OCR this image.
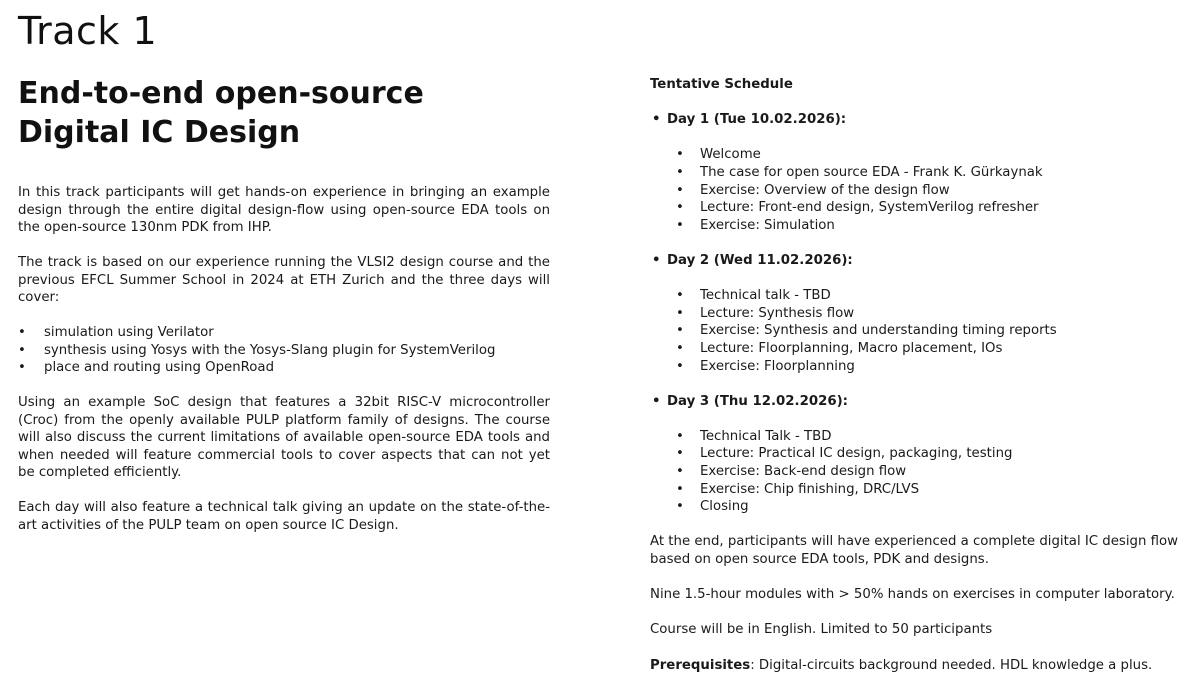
Track 1
End-to-end open-source Digital IC Design

In this track participants will get hands-on experience in bringing an example design through the entire digital design-flow using open-source EDA tools on the open-source 130nm PDK from IHP.

The track is based on our experience running the VLSI2 design course and the previous EFCL Summer School in 2024 at ETH Zurich and the three days will cover:

• simulation using Verilator
• synthesis using Yosys with the Yosys-Slang plugin for SystemVerilog
• place and routing using OpenRoad

Using an example SoC design that features a 32bit RISC-V microcontroller (Croc) from the openly available PULP platform family of designs. The course will also discuss the current limitations of available open-source EDA tools and when needed will feature commercial tools to cover aspects that can not yet be completed efficiently.

Each day will also feature a technical talk giving an update on the state-of-the-art activities of the PULP team on open source IC Design.

Tentative Schedule
• Day 1 (Tue 10.02.2026):
• Welcome
• The case for open source EDA - Frank K. Gürkaynak
• Exercise: Overview of the design flow
• Lecture: Front-end design, SystemVerilog refresher
• Exercise: Simulation
• Day 2 (Wed 11.02.2026):
• Technical talk - TBD
• Lecture: Synthesis flow
• Exercise: Synthesis and understanding timing reports
• Lecture: Floorplanning, Macro placement, IOs
• Exercise: Floorplanning
• Day 3 (Thu 12.02.2026):
• Technical Talk - TBD
• Lecture: Practical IC design, packaging, testing
• Exercise: Back-end design flow
• Exercise: Chip finishing, DRC/LVS
• Closing

At the end, participants will have experienced a complete digital IC design flow based on open source EDA tools, PDK and designs.

Nine 1.5-hour modules with > 50% hands on exercises in computer laboratory.

Course will be in English. Limited to 50 participants

Prerequisites: Digital-circuits background needed. HDL knowledge a plus.
